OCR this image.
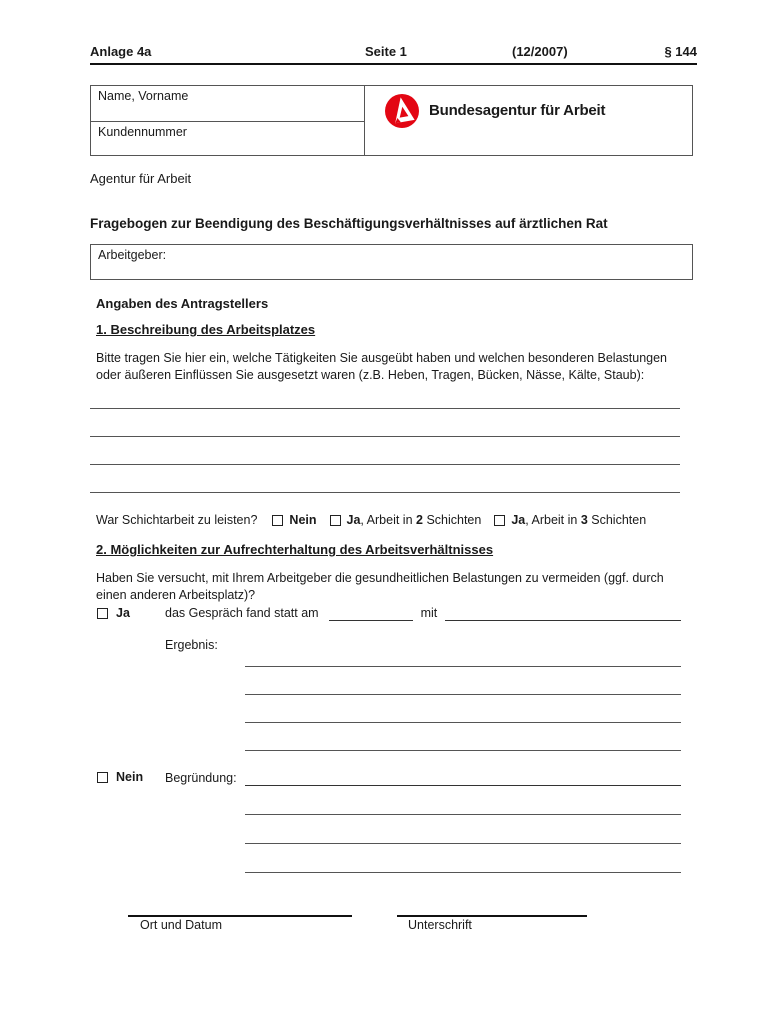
Anlage 4a	Seite 1	(12/2007)	§ 144
Name, Vorname
Kundennummer
Bundesagentur für Arbeit
Agentur für Arbeit
Fragebogen zur Beendigung des Beschäftigungsverhältnisses auf ärztlichen Rat
Arbeitgeber:
Angaben des Antragstellers
1. Beschreibung des Arbeitsplatzes
Bitte tragen Sie hier ein, welche Tätigkeiten Sie ausgeübt haben und welchen besonderen Belastungen
oder äußeren Einflüssen Sie ausgesetzt waren (z.B. Heben, Tragen, Bücken, Nässe, Kälte, Staub):
War Schichtarbeit zu leisten?	Nein Ja , Arbeit in 2 Schichten Ja , Arbeit in 3 Schichten
2. Möglichkeiten zur Aufrechterhaltung des Arbeitsverhältnisses
Haben Sie versucht, mit Ihrem Arbeitgeber die gesundheitlichen Belastungen zu vermeiden (ggf. durch
einen anderen Arbeitsplatz)?
Ja	das Gespräch fand statt am	mit
Ergebnis:
Nein Begründung:
Ort und Datum	Unterschrift
